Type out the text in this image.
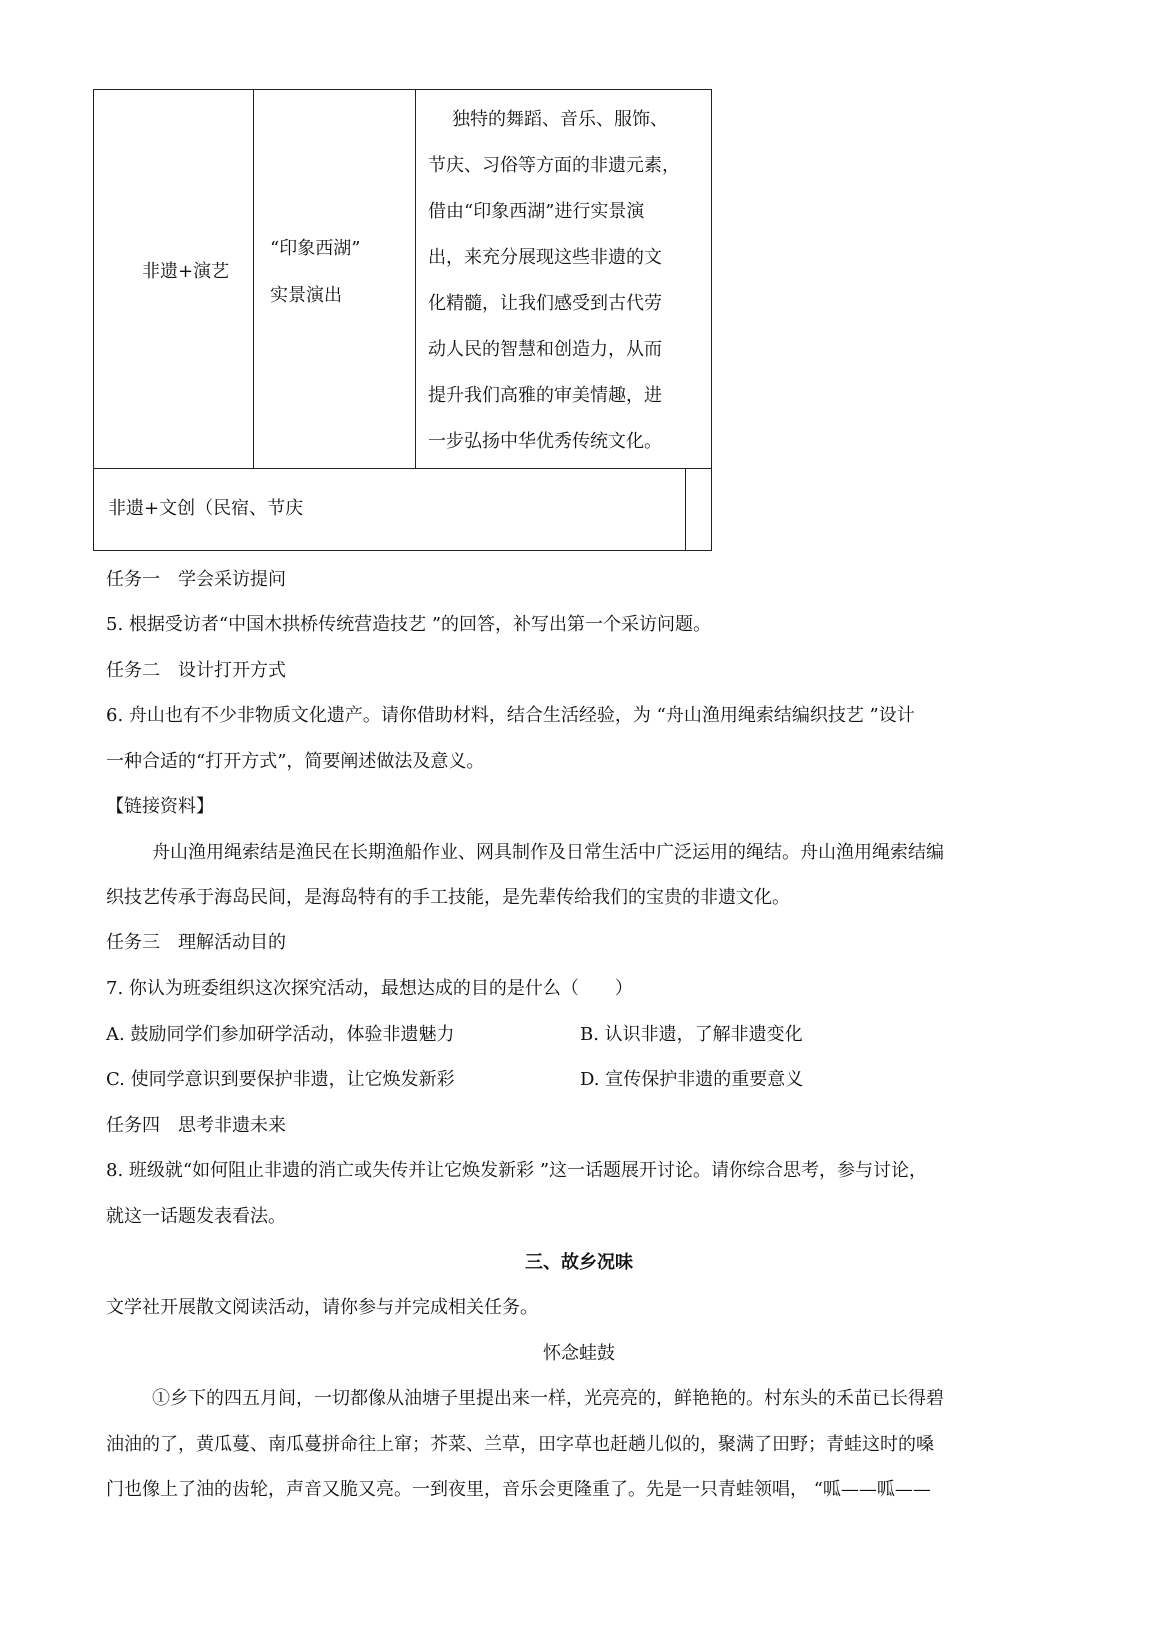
非遗+演艺
“印象西湖”
实景演出
独特的舞蹈、音乐、服饰、
节庆、习俗等方面的非遗元素，
借由“印象西湖”进行实景演
出，来充分展现这些非遗的文
化精髓，让我们感受到古代劳
动人民的智慧和创造力，从而
提升我们高雅的审美情趣，进
一步弘扬中华优秀传统文化。
非遗+文创（民宿、节庆
任务一　学会采访提问
5. 根据受访者“中国木拱桥传统营造技艺 ”的回答，补写出第一个采访问题。
任务二　设计打开方式
6. 舟山也有不少非物质文化遗产。请你借助材料，结合生活经验，为 “舟山渔用绳索结编织技艺 ”设计
一种合适的“打开方式”，简要阐述做法及意义。
【链接资料】
舟山渔用绳索结是渔民在长期渔船作业、网具制作及日常生活中广泛运用的绳结。舟山渔用绳索结编
织技艺传承于海岛民间，是海岛特有的手工技能，是先辈传给我们的宝贵的非遗文化。
任务三　理解活动目的
7. 你认为班委组织这次探究活动，最想达成的目的是什么（　　）
A. 鼓励同学们参加研学活动，体验非遗魅力	B. 认识非遗，了解非遗变化
C. 使同学意识到要保护非遗，让它焕发新彩	D. 宣传保护非遗的重要意义
任务四　思考非遗未来
8. 班级就“如何阻止非遗的消亡或失传并让它焕发新彩 ”这一话题展开讨论。请你综合思考，参与讨论，
就这一话题发表看法。
三、故乡况味
文学社开展散文阅读活动，请你参与并完成相关任务。
怀念蛙鼓
①乡下的四五月间，一切都像从油塘子里提出来一样，光亮亮的，鲜艳艳的。村东头的禾苗已长得碧
油油的了，黄瓜蔓、南瓜蔓拼命往上窜；芥菜、兰草，田字草也赶趟儿似的，聚满了田野；青蛙这时的嗓
门也像上了油的齿轮，声音又脆又亮。一到夜里，音乐会更隆重了。先是一只青蛙领唱， “呱——呱——
